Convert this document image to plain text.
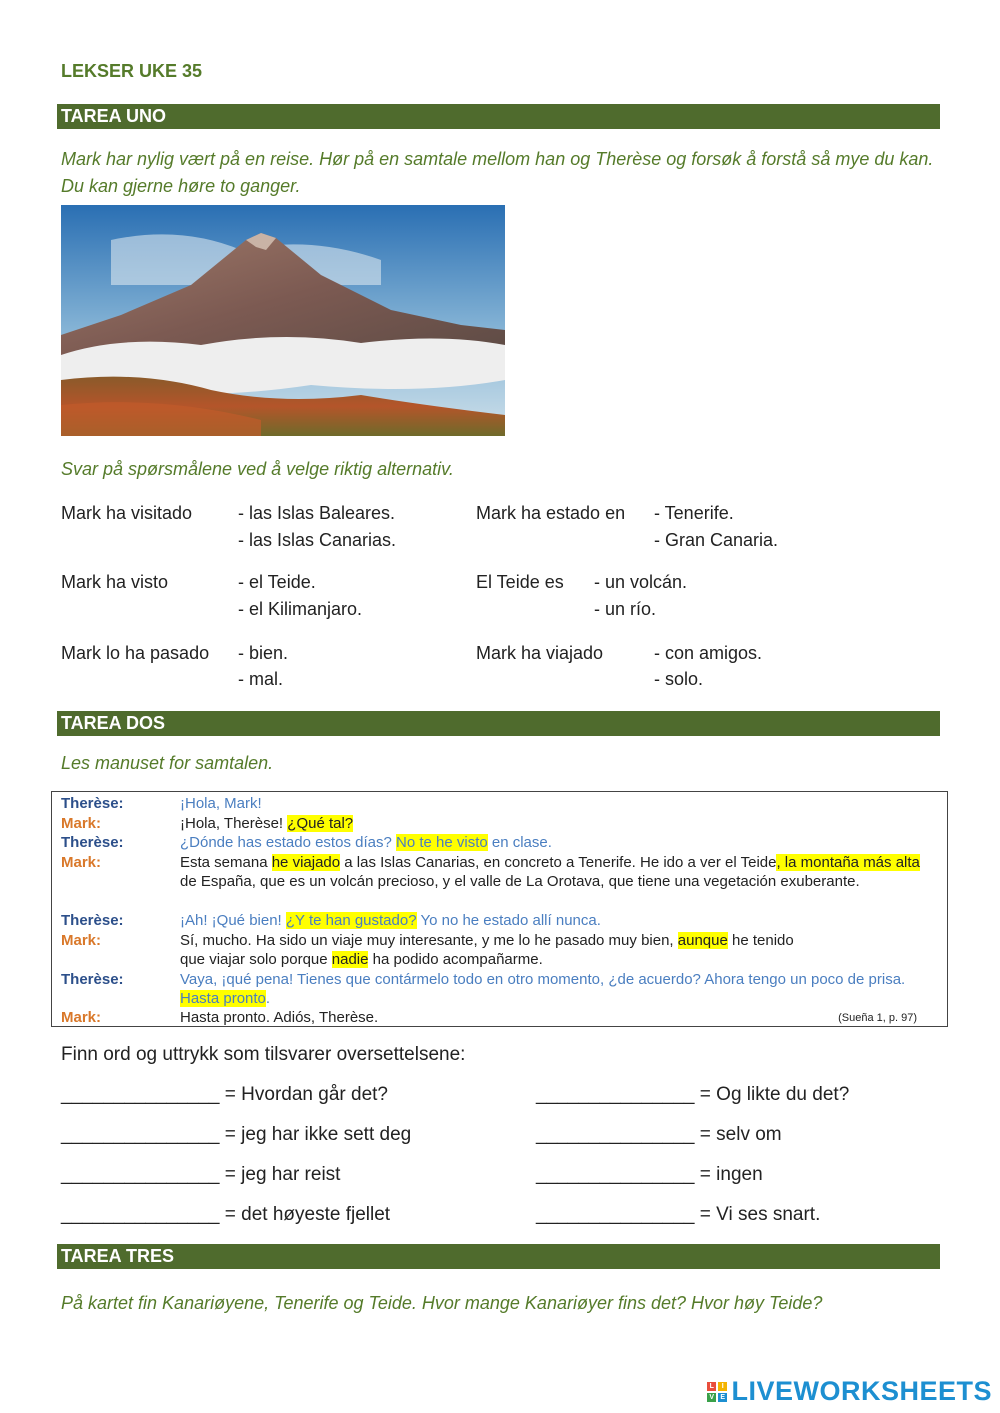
LEKSER UKE 35
TAREA UNO
Mark har nylig vært på en reise. Hør på en samtale mellom han og Therèse og forsøk å forstå så mye du kan. Du kan gjerne høre to ganger.
Svar på spørsmålene ved å velge riktig alternativ.
Mark ha visitado	- las Islas Baleares.
- las Islas Canarias.
Mark ha estado en - Tenerife.
- Gran Canaria.
Mark ha visto	- el Teide.
- el Kilimanjaro.
El Teide es - un volcán.
- un río.
Mark lo ha pasado - bien.
- mal.
Mark ha viajado	- con amigos.
- solo.
TAREA DOS
Les manuset for samtalen.
Therèse:	¡Hola, Mark!
Mark:	¡Hola, Therèse! ¿Qué tal?
Therèse:	¿Dónde has estado estos días? No te he visto en clase.
Mark:	Esta semana he viajado a las Islas Canarias, en concreto a Tenerife. He ido a ver el Teide, la montaña más alta de España, que es un volcán precioso, y el valle de La Orotava, que tiene una vegetación exuberante.
Therèse:	¡Ah! ¡Qué bien! ¿Y te han gustado? Yo no he estado allí nunca.
Mark:	Sí, mucho. Ha sido un viaje muy interesante, y me lo he pasado muy bien, aunque he tenido que viajar solo porque nadie ha podido acompañarme.
Therèse:	Vaya, ¡qué pena! Tienes que contármelo todo en otro momento, ¿de acuerdo? Ahora tengo un poco de prisa. Hasta pronto.
Mark:	Hasta pronto. Adiós, Therèse.	(Sueña 1, p. 97)
Finn ord og uttrykk som tilsvarer oversettelsene:
_______________ = Hvordan går det?	_______________ = Og likte du det?
_______________ = jeg har ikke sett deg	_______________ = selv om
_______________ = jeg har reist	_______________ = ingen
_______________ = det høyeste fjellet	_______________ = Vi ses snart.
TAREA TRES
På kartet fin Kanariøyene, Tenerife og Teide. Hvor mange Kanariøyer fins det? Hvor høy Teide?
L	I
V E LIVEWORKSHEETS
